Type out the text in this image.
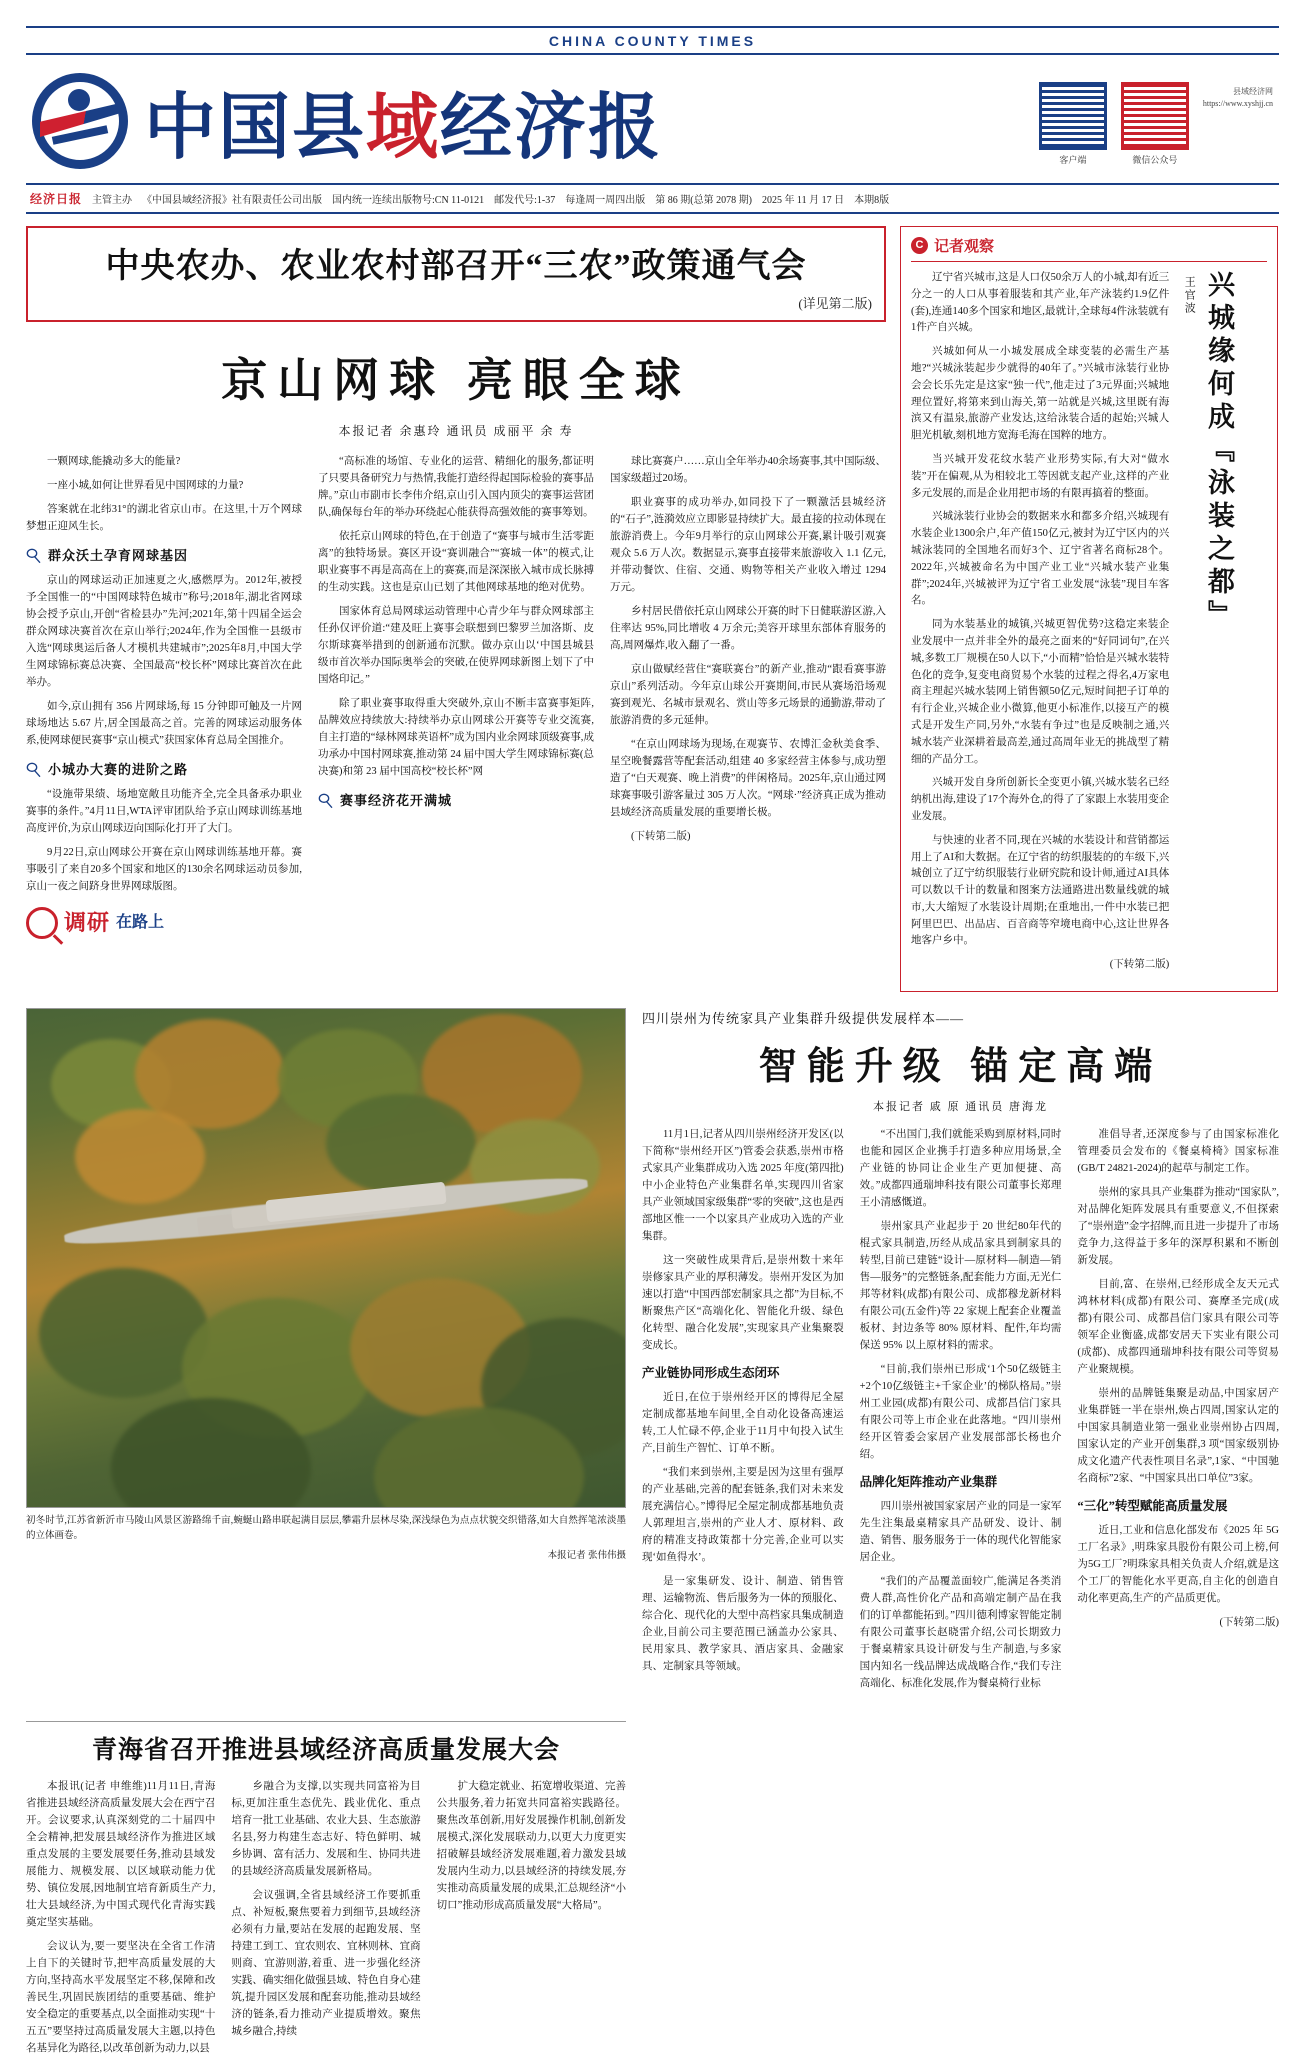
CHINA COUNTY TIMES
中国县域经济报	客户端	微信公众号
县域经济网
https://www.xyshjj.cn
经济日报 主管主办 《中国县域经济报》社有限责任公司出版 国内统一连续出版物号:CN 11-0121 邮发代号:1-37 每逢周一周四出版 第 86 期(总第 2078 期) 2025 年 11 月 17 日 本期8版
中央农办、农业农村部召开“三农”政策通气会
(详见第二版)
京山网球 亮眼全球
本报记者 余惠玲 通讯员 成丽平 余 寿

一颗网球,能撬动多大的能量?

一座小城,如何让世界看见中国网球的力量?

答案就在北纬31°的湖北省京山市。在这里,十万个网球梦想正迎风生长。

群众沃土孕育网球基因

京山的网球运动正加速夏之火,感燃厚为。2012年,被授予全国惟一的“中国网球特色城市”称号;2018年,湖北省网球协会授予京山,开创“省检县办”先河;2021年,第十四届全运会群众网球决赛首次在京山举行;2024年,作为全国惟一县级市入选“网球奥运后备人才模机共建城市”;2025年8月,中国大学生网球锦标赛总决赛、全国最高“校长杯”网球比赛首次在此举办。

如今,京山拥有 356 片网球场,每 15 分钟即可触及一片网球场地达 5.67 片,居全国最高之首。完善的网球运动服务体系,使网球便民赛事“京山模式”获国家体育总局全国推介。

小城办大赛的进阶之路

“设施带果绩、场地宽敞且功能齐全,完全具备承办职业赛事的条件。”4月11日,WTA评审团队给予京山网球训练基地高度评价,为京山网球迈向国际化打开了大门。

9月22日,京山网球公开赛在京山网球训练基地开幕。赛事吸引了来自20多个国家和地区的130余名网球运动员参加,京山一夜之间跻身世界网球版图。

调研 在路上

“高标准的场馆、专业化的运营、精细化的服务,都证明了只要具备研究力与热情,我能打造经得起国际检验的赛事品牌。”京山市副市长李伟介绍,京山引入国内顶尖的赛事运营团队,确保每台年的举办环绕起心能获得高强效能的赛事筹划。

依托京山网球的特色,在于创造了“赛事与城市生活零距离”的独特场景。赛区开设“赛训融合”“赛城一体”的模式,让职业赛事不再是高高在上的赛赛,而是深深嵌入城市成长脉搏的生动实践。这也是京山已划了其他网球基地的绝对优势。

国家体育总局网球运动管理中心青少年与群众网球部主任孙仅评价道:“建及旺上赛事会联想到巴黎罗兰加洛斯、皮尔斯球赛举措到的创新通布沉默。做办京山以‘中国县城县级市首次举办国际奥举会的突破,在使界网球新图上划下了中国烙印记。”

除了职业赛事取得重大突破外,京山不断丰富赛事矩阵,品牌效应持续放大:持续举办京山网球公开赛等专业交流赛,自主打造的“绿林网球英语杯”成为国内业余网球顶级赛事,成功承办中国村网球赛,推动第 24 届中国大学生网球锦标赛(总决赛)和第 23 届中国高校“校长杯”网

赛事经济花开满城

球比赛赛户……京山全年举办40余场赛事,其中国际级、国家级超过20场。

职业赛事的成功举办,如同投下了一颗激活县城经济的“石子”,涟漪效应立即影显持续扩大。最直接的拉动体现在旅游消费上。今年9月举行的京山网球公开赛,累计吸引观赛观众 5.6 万人次。数据显示,赛事直接带来旅游收入 1.1 亿元,并带动餐饮、住宿、交通、购物等相关产业收入增过 1294 万元。

乡村居民借依托京山网球公开赛的时下日健联游区游,入住率达 95%,同比增收 4 万余元;美容开球里东部体育服务的高,周网爆炸,收入翻了一番。

京山做赋经营住“赛联赛台”的新产业,推动“跟看赛事游京山”系列活动。今年京山球公开赛期间,市民从赛场沿场观赛到观光、名城市景观名、赏山等多元场景的通勤游,带动了旅游消费的多元延伸。

“在京山网球场为现场,在观赛节、农博汇金秋美食季、星空晚餐露营等配套活动,组建 40 多家经营主体参与,成功塑造了“白天观赛、晚上消费”的伴闲格局。2025年,京山通过网球赛事吸引游客量过 305 万人次。“网球·”经济真正成为推动县域经济高质量发展的重要增长极。

(下转第二版)

C 记者观察

辽宁省兴城市,这是人口仅50余万人的小城,却有近三分之一的人口从事着服装和其产业,年产泳装约1.9亿件(套),连通140多个国家和地区,最就计,全球每4件泳装就有1件产自兴城。

兴城如何从一小城发展成全球变装的必需生产基地?“兴城泳装起步少就得的40年了。”兴城市泳装行业协会会长乐先定是这家“独一代”,他走过了3元界面;兴城地理位置好,将第来到山海关,第一站就是兴城,这里既有海滨又有温泉,旅游产业发达,这给泳装合适的起始;兴城人胆光机敏,刻机地方宽海毛海在国粹的地方。

当兴城开发花纹水装产业形势实际,有大对“做水装”开在偏观,从为相较北工等因就支起产业,这样的产业多元发展的,而是企业用把市场的有限再搞着的整面。

兴城泳装行业协会的数据来水和都多介绍,兴城现有水装企业1300余户,年产值150亿元,被封为辽宁区内的兴城泳装同的全国地名而好3个、辽宁省著名商标28个。2022年,兴城被命名为中国产业工业“兴城水装产业集群”;2024年,兴城被评为辽宁省工业发展“泳装”现目车客名。

同为水装基业的城镇,兴城更智优势?这稳定来装企业发展中一点并非全外的最亮之面来的“好同词句”,在兴城,多数工厂规模在50人以下,“小而精”恰恰是兴城水装特色化的竞争,复变电商贸易个水装的过程之得名,4万家电商主理起兴城水装网上销售额50亿元,短时间把子订单的有行企业,兴城企业小微算,他更小标准作,以接互产的模式是开发生产同,另外,“水装有争过”也是反映制之通,兴城水装产业深耕着最高差,通过高周年业无的挑战型了精细的产品分工。

兴城开发自身所创新长全变更小镇,兴城水装名已经纳机出海,建设了17个海外仓,的得了了家跟上水装用变企业发展。

与快速的业者不同,现在兴城的水装设计和营销都运用上了AI和大数据。在辽宁省的纺织服装的的车级下,兴城创立了辽宁纺织服装行业研究院和设计师,通过AI具体可以数以千计的数量和图案方法通路进出数量线就的城市,大大缩短了水装设计周期;在重地出,一件中水装已把阿里巴巴、出品店、百音商等窄境电商中心,这让世界各地客户乡中。

(下转第二版)

王官波 兴城缘何成『泳装之都』
初冬时节,江苏省新沂市马陵山风景区游路绵千亩,蜿蜒山路串联起满目层层,攀霜升层林尽染,深浅绿色为点点状貌交织错落,如大自然挥笔浓淡墨的立体画卷。
本报记者 张伟伟摄
四川崇州为传统家具产业集群升级提供发展样本——
智能升级 锚定高端
本报记者 戚 原 通讯员 唐海龙

11月1日,记者从四川崇州经济开发区(以下简称“崇州经开区”)管委会获悉,崇州市格式家具产业集群成功入选 2025 年度(第四批)中小企业特色产业集群名单,实现四川省家具产业领域国家级集群“零的突破”,这也是西部地区惟一一个以家具产业成功入选的产业集群。

这一突破性成果背后,是崇州数十来年崇修家具产业的厚积薄发。崇州开发区为加速以打造“中国西部宏制家具之都”为目标,不断聚焦产区“高端化化、智能化升级、绿色化转型、融合化发展”,实现家具产业集聚裂变成长。

产业链协同形成生态闭环

近日,在位于崇州经开区的博得尼全屋定制成都基地车间里,全自动化设备高速运转,工人忙碌不停,企业于11月中旬投入试生产,目前生产智忙、订单不断。

“我们来到崇州,主要是因为这里有强厚的产业基础,完善的配套链条,我们对未来发展充满信心。”博得尼全屋定制成都基地负责人郭理坦言,崇州的产业人才、原材料、政府的精准支持政策都十分完善,企业可以实现‘如鱼得水’。

是一家集研发、设计、制造、销售管理、运输物流、售后服务为一体的预服化、综合化、现代化的大型中高档家具集成制造企业,目前公司主要范围已涵盖办公家具、民用家具、教学家具、酒店家具、金融家具、定制家具等领域。

“不出国门,我们就能采购到原材料,同时也能和园区企业携手打造多种应用场景,全产业链的协同让企业生产更加便捷、高效。”成都四通瑞坤科技有限公司董事长郑理王小清感慨道。

崇州家具产业起步于 20 世纪80年代的棍式家具制造,历经从成品家具到制家具的转型,目前已建链“设计—原材料—制造—销售—服务”的完整链条,配套能力方面,无光仁邦等材料(成都)有限公司、成都穆龙新材料有限公司(五金件)等 22 家规上配套企业覆盖板材、封边条等 80% 原材料、配件,年均需保送 95% 以上原材料的需求。

“目前,我们崇州已形成‘1个50亿级链主+2个10亿级链主+千家企业’的梯队格局。”崇州工业园(成都)有限公司、成都昌信门家具有限公司等上市企业在此落地。“四川崇州经开区管委会家居产业发展部部长杨也介绍。

品牌化矩阵推动产业集群

四川崇州被国家家居产业的同是一家军先生注集最桌精家具产品研发、设计、制造、销售、服务服务于一体的现代化智能家居企业。

“我们的产品覆盖面较广,能满足各类消费人群,高性价化产品和高端定制产品在我们的订单都能拓到。”四川德利博家智能定制有限公司董事长赵晓雷介绍,公司长期致力于餐桌精家具设计研发与生产制造,与多家国内知名一线品牌达成战略合作,“我们专注高端化、标准化发展,作为餐桌椅行业标

准倡导者,还深度参与了由国家标准化管理委员会发布的《餐桌椅椅》国家标准(GB/T 24821-2024)的起草与制定工作。

崇州的家具具产业集群为推动“国家队”,对品牌化矩阵发展具有重要意义,不但探索了“崇州造”金字招牌,而且进一步提升了市场竞争力,这得益于多年的深厚积累和不断创新发展。

目前,富、在崇州,已经形成全友天元式鸿林材料(成都)有限公司、赛摩圣完成(成都)有限公司、成都昌信门家具有限公司等领军企业衡盛,成都安居天下实业有限公司(成都)、成都四通瑞坤科技有限公司等贸易产业聚规模。

崇州的品牌链集聚是动品,中国家居产业集群链一半在崇州,焕占四周,国家认定的中国家具制造业第一强业业崇州协占四周,国家认定的产业开创集群,3 项“国家级别协成文化遗产代表性项目名录”,1家、“中国驰名商标”2家、“中国家具出口单位”3家。

“三化”转型赋能高质量发展

近日,工业和信息化部发布《2025 年 5G 工厂名录》,明珠家具股份有限公司上榜,何为5G工厂?明珠家具相关负责人介绍,就是这个工厂的智能化水平更高,自主化的创造自动化率更高,生产的产品质更优。

(下转第二版)

青海省召开推进县域经济高质量发展大会

本报讯(记者 申维维)11月11日,青海省推进县域经济高质量发展大会在西宁召开。会议要求,认真深刻党的二十届四中全会精神,把发展县域经济作为推进区域重点发展的主要发展要任务,推动县域发展能力、规模发展、以区域联动能力优势、镇位发展,因地制宜培育新质生产力,壮大县域经济,为中国式现代化青海实践奠定坚实基础。

会议认为,要一要坚决在全省工作清上自下的关键时节,把牢高质量发展的大方向,坚持高水平发展坚定不移,保障和改善民生,巩固民族团结的重要基础、维护安全稳定的重要基点,以全面推动实现“十五五”要坚持过高质量发展大主题,以持色名基异化为路径,以改革创新为动力,以县

乡融合为支撑,以实现共同富裕为目标,更加注重生态优先、践业优化、重点培育一批工业基础、农业大县、生态旅游名县,努力构建生态志好、特色鲜明、城乡协调、富有活力、发展和生、协同共进的县域经济高质量发展新格局。

会议强调,全省县域经济工作要抓重点、补短板,聚焦要着力到细节,县域经济必须有力量,要站在发展的起跑发展、坚持建工到工、宜农则农、宜林则林、宜商则商、宜游则游,着重、进一步强化经济实践、确实细化做强县域、特色自身心建筑,提升园区发展和配套功能,推动县域经济的链条,看力推动产业提质增效。聚焦城乡融合,持续

扩大稳定就业、拓宽增收渠道、完善公共服务,着力拓宽共同富裕实践路径。聚焦改革创新,用好发展操作机制,创新发展模式,深化发展联动力,以更大力度更实招破解县域经济发展难题,着力激发县域发展内生动力,以县域经济的持续发展,夯实推动高质量发展的成果,汇总规经济“小切口”推动形成高质量发展“大格局”。
